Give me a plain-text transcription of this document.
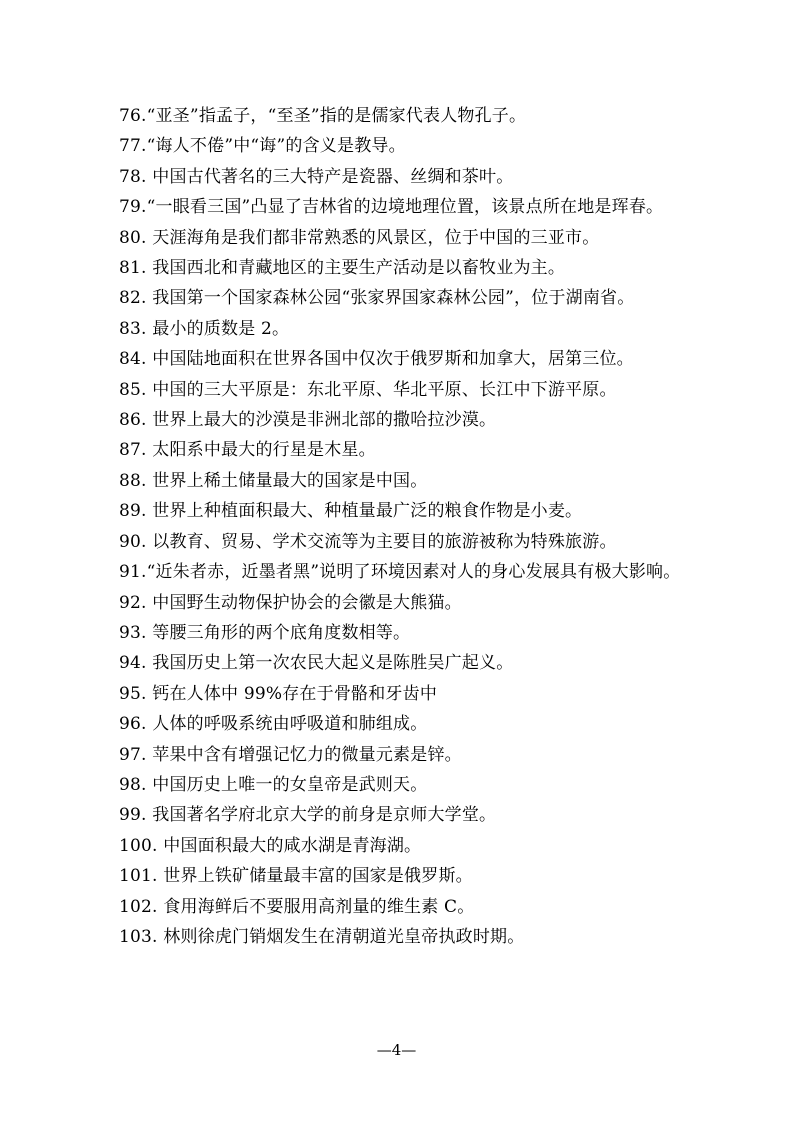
76.“亚圣”指孟子，“至圣”指的是儒家代表人物孔子。

77.“诲人不倦”中“诲”的含义是教导。

78. 中国古代著名的三大特产是瓷器、丝绸和茶叶。

79.“一眼看三国”凸显了吉林省的边境地理位置，该景点所在地是珲春。

80. 天涯海角是我们都非常熟悉的风景区，位于中国的三亚市。

81. 我国西北和青藏地区的主要生产活动是以畜牧业为主。

82. 我国第一个国家森林公园“张家界国家森林公园”，位于湖南省。

83. 最小的质数是 2。

84. 中国陆地面积在世界各国中仅次于俄罗斯和加拿大，居第三位。

85. 中国的三大平原是：东北平原、华北平原、长江中下游平原。

86. 世界上最大的沙漠是非洲北部的撒哈拉沙漠。

87. 太阳系中最大的行星是木星。

88. 世界上稀土储量最大的国家是中国。

89. 世界上种植面积最大、种植量最广泛的粮食作物是小麦。

90. 以教育、贸易、学术交流等为主要目的旅游被称为特殊旅游。

91.“近朱者赤，近墨者黑”说明了环境因素对人的身心发展具有极大影响。

92. 中国野生动物保护协会的会徽是大熊猫。

93. 等腰三角形的两个底角度数相等。

94. 我国历史上第一次农民大起义是陈胜吴广起义。

95. 钙在人体中 99%存在于骨骼和牙齿中

96. 人体的呼吸系统由呼吸道和肺组成。

97. 苹果中含有增强记忆力的微量元素是锌。

98. 中国历史上唯一的女皇帝是武则天。

99. 我国著名学府北京大学的前身是京师大学堂。

100. 中国面积最大的咸水湖是青海湖。

101. 世界上铁矿储量最丰富的国家是俄罗斯。

102. 食用海鲜后不要服用高剂量的维生素 C。

103. 林则徐虎门销烟发生在清朝道光皇帝执政时期。

—4—
